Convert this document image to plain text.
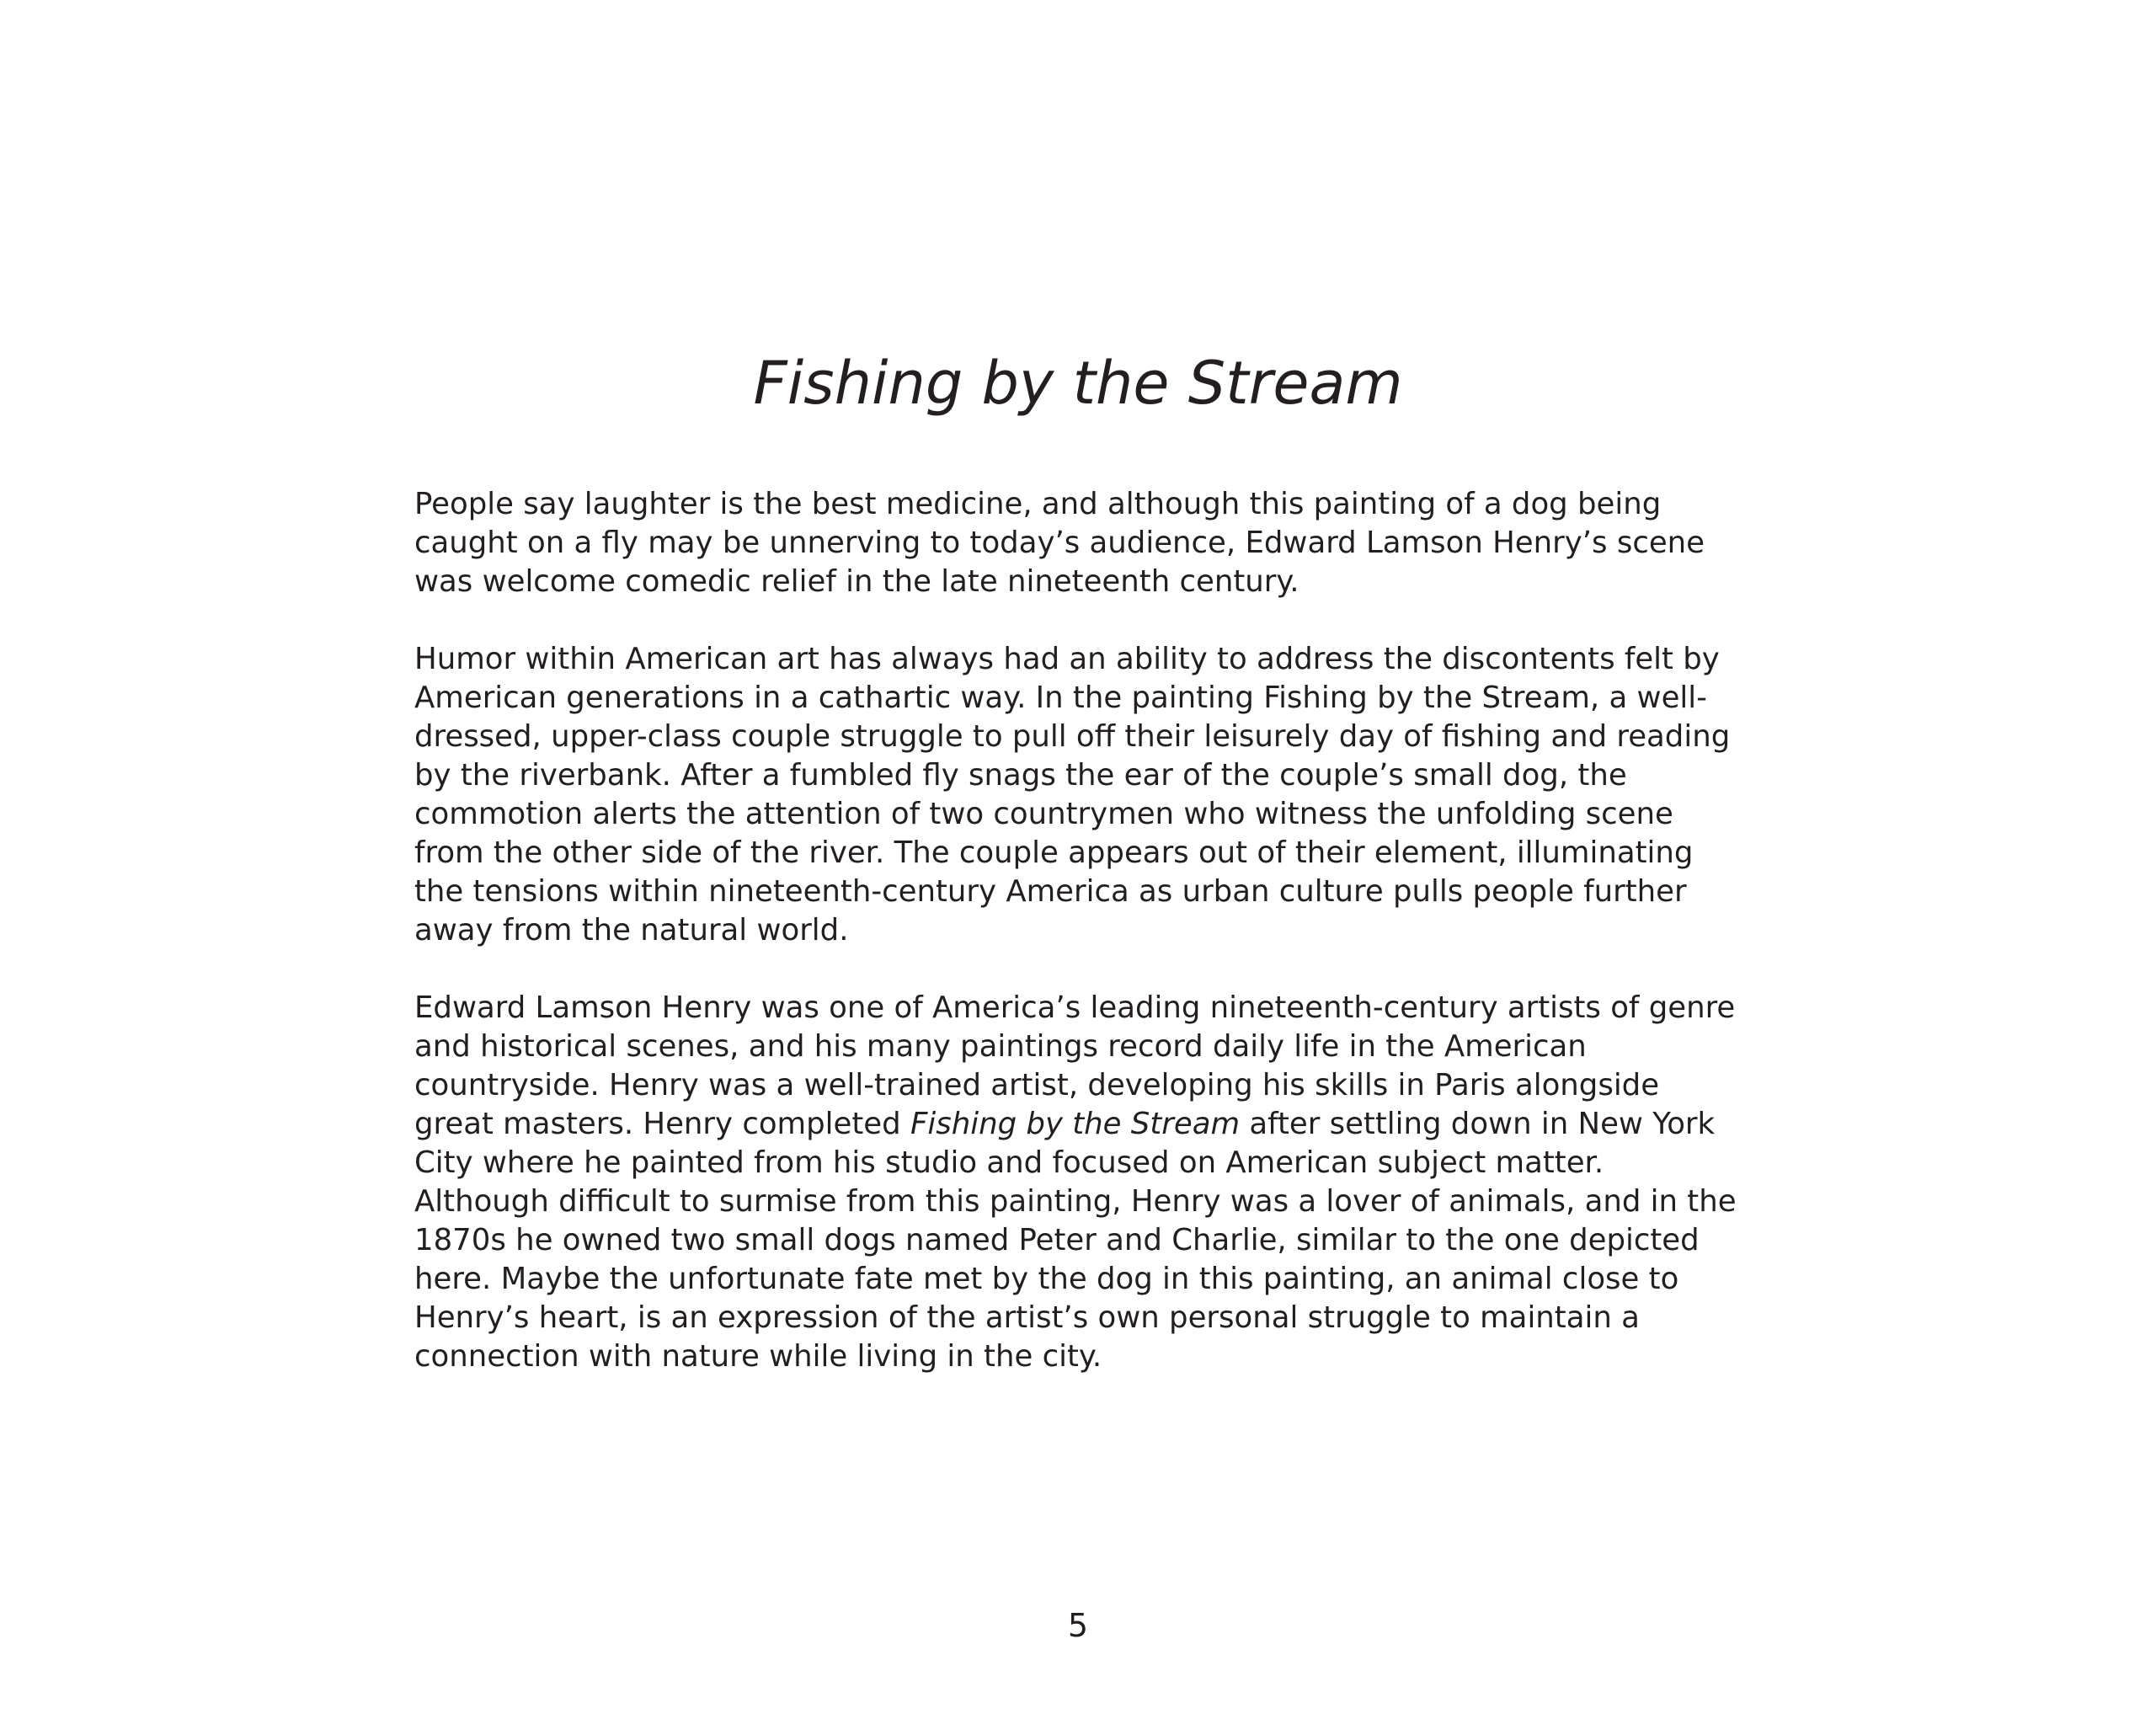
Fishing by the Stream

People say laughter is the best medicine, and although this painting of a dog being caught on a fly may be unnerving to today’s audience, Edward Lamson Henry’s scene was welcome comedic relief in the late nineteenth century.

Humor within American art has always had an ability to address the discontents felt by American generations in a cathartic way. In the painting Fishing by the Stream, a well-dressed, upper-class couple struggle to pull off their leisurely day of fishing and reading by the riverbank. After a fumbled fly snags the ear of the couple’s small dog, the commotion alerts the attention of two countrymen who witness the unfolding scene from the other side of the river. The couple appears out of their element, illuminating the tensions within nineteenth-century America as urban culture pulls people further away from the natural world.

Edward Lamson Henry was one of America’s leading nineteenth-century artists of genre and historical scenes, and his many paintings record daily life in the American countryside. Henry was a well-trained artist, developing his skills in Paris alongside great masters. Henry completed Fishing by the Stream after settling down in New York City where he painted from his studio and focused on American subject matter. Although difficult to surmise from this painting, Henry was a lover of animals, and in the 1870s he owned two small dogs named Peter and Charlie, similar to the one depicted here. Maybe the unfortunate fate met by the dog in this painting, an animal close to Henry’s heart, is an expression of the artist’s own personal struggle to maintain a connection with nature while living in the city.

5
